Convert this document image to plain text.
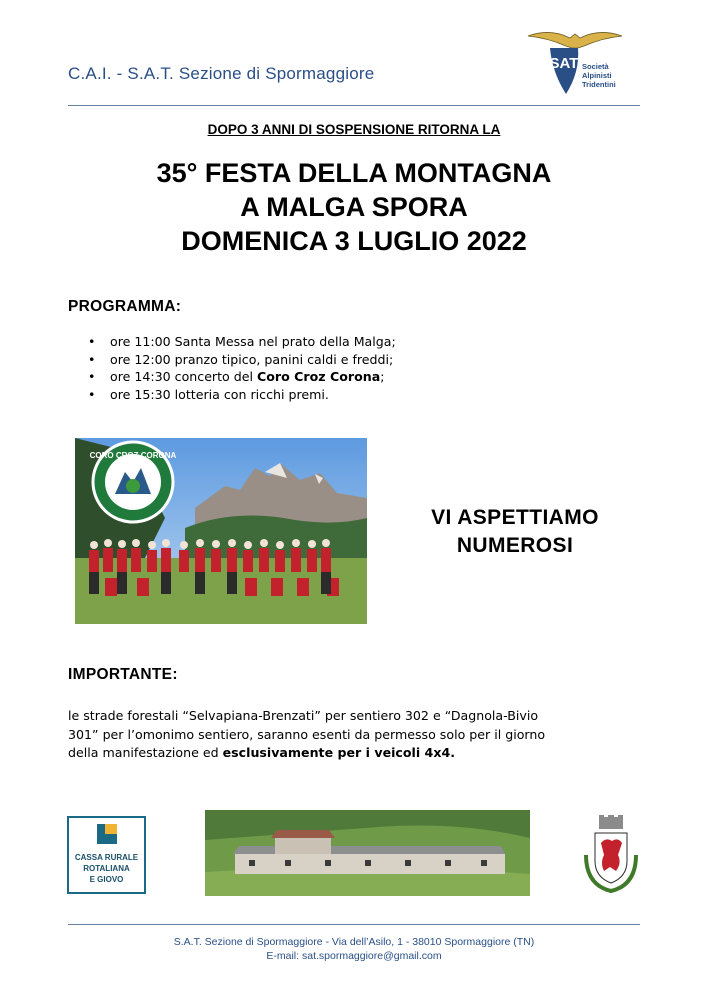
C.A.I. - S.A.T. Sezione di Spormaggiore
SAT Società
Alpinisti
Tridentini
DOPO 3 ANNI DI SOSPENSIONE RITORNA LA
35° FESTA DELLA MONTAGNA
A MALGA SPORA
DOMENICA 3 LUGLIO 2022
PROGRAMMA:
• ore 11:00 Santa Messa nel prato della Malga;
• ore 12:00 pranzo tipico, panini caldi e freddi;
• ore 14:30 concerto del Coro Croz Corona;
• ore 15:30 lotteria con ricchi premi.
CORO CROZ CORONA
VI ASPETTIAMO
NUMEROSI
IMPORTANTE:
le strade forestali “Selvapiana-Brenzati” per sentiero 302 e “Dagnola-Bivio
301” per l’omonimo sentiero, saranno esenti da permesso solo per il giorno
della manifestazione ed esclusivamente per i veicoli 4x4.
CASSA RURALE
ROTALIANA
E GIOVO
S.A.T. Sezione di Spormaggiore - Via dell’Asilo, 1 - 38010 Spormaggiore (TN)
E-mail: sat.spormaggiore@gmail.com
